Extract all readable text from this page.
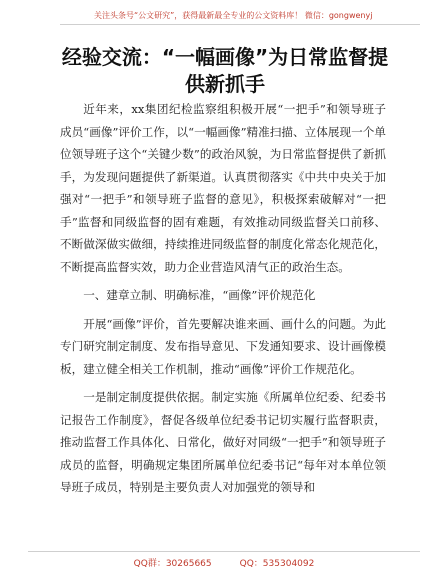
关注头条号“公文研究”，获得最新最全专业的公文资料库！ 微信：gongwenyj
经验交流：“一幅画像”为日常监督提供新抓手

近年来，xx集团纪检监察组积极开展“一把手”和领导班子成员“画像”评价工作，以“一幅画像”精准扫描、立体展现一个单位领导班子这个“关键少数”的政治风貌，为日常监督提供了新抓手，为发现问题提供了新渠道。认真贯彻落实《中共中央关于加强对“一把手”和领导班子监督的意见》，积极探索破解对“一把手”监督和同级监督的固有难题，有效推动同级监督关口前移、不断做深做实做细，持续推进同级监督的制度化常态化规范化，不断提高监督实效，助力企业营造风清气正的政治生态。

一、建章立制、明确标准，“画像”评价规范化

开展“画像”评价，首先要解决谁来画、画什么的问题。为此专门研究制定制度、发布指导意见、下发通知要求、设计画像模板，建立健全相关工作机制，推动“画像”评价工作规范化。

一是制定制度提供依据。制定实施《所属单位纪委、纪委书记报告工作制度》，督促各级单位纪委书记切实履行监督职责，推动监督工作具体化、日常化，做好对同级“一把手”和领导班子成员的监督，明确规定集团所属单位纪委书记“每年对本单位领导班子成员，特别是主要负责人对加强党的领导和

QQ群：30265665	QQ：535304092
